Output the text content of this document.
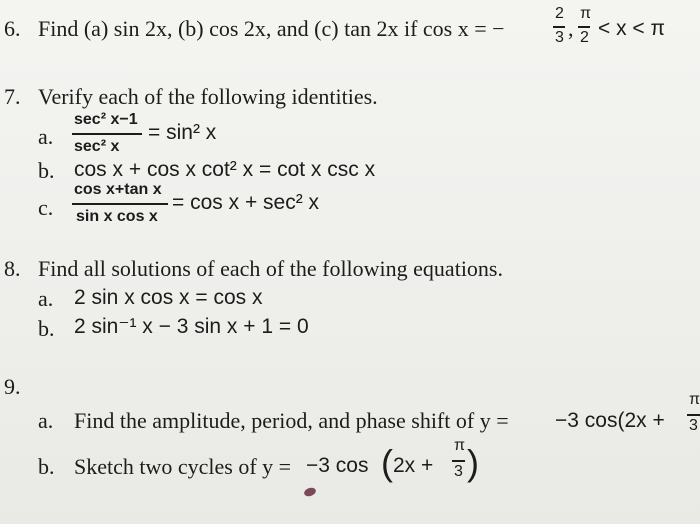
6. Find (a) sin 2x, (b) cos 2x, and (c) tan 2x if cos x = −
2
3 ,
π
2 < x < π
7. Verify each of the following identities.
a.
sec² x−1
sec² x
= sin² x
b. cos x + cos x cot² x = cot x csc x
c.
cos x+tan x
sin x cos x
= cos x + sec² x
8. Find all solutions of each of the following equations.
a. 2 sin x cos x = cos x
b. 2 sin⁻¹ x − 3 sin x + 1 = 0
9.
a. Find the amplitude, period, and phase shift of y = −3 cos(2x +
π
3
b. Sketch two cycles of y = −3 cos ( 2x +
π
3 )
